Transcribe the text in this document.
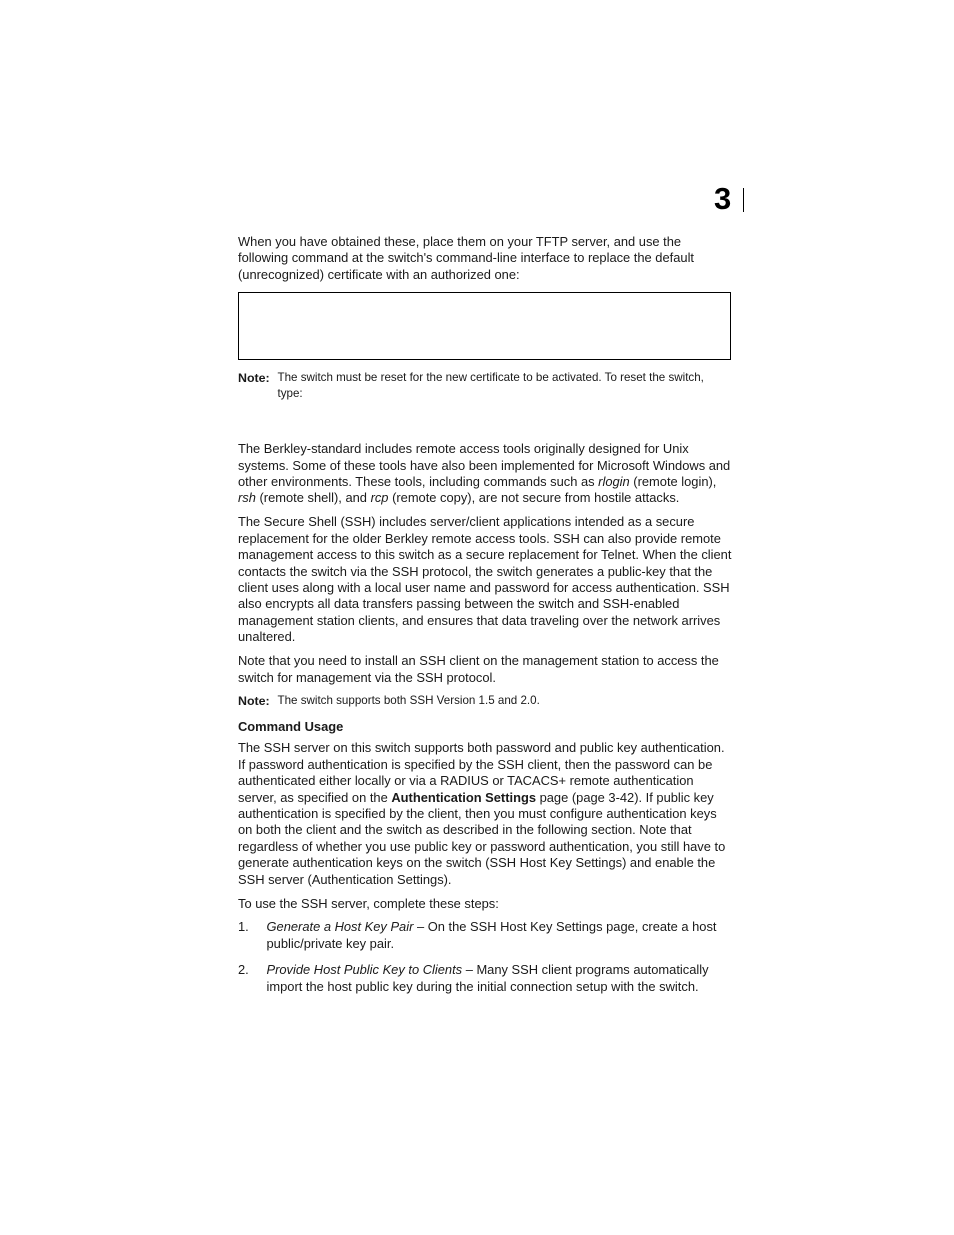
3

When you have obtained these, place them on your TFTP server, and use the following command at the switch's command-line interface to replace the default (unrecognized) certificate with an authorized one:

Note: The switch must be reset for the new certificate to be activated. To reset the switch, type:

The Berkley-standard includes remote access tools originally designed for Unix systems. Some of these tools have also been implemented for Microsoft Windows and other environments. These tools, including commands such as rlogin (remote login), rsh (remote shell), and rcp (remote copy), are not secure from hostile attacks.

The Secure Shell (SSH) includes server/client applications intended as a secure replacement for the older Berkley remote access tools. SSH can also provide remote management access to this switch as a secure replacement for Telnet. When the client contacts the switch via the SSH protocol, the switch generates a public-key that the client uses along with a local user name and password for access authentication. SSH also encrypts all data transfers passing between the switch and SSH-enabled management station clients, and ensures that data traveling over the network arrives unaltered.

Note that you need to install an SSH client on the management station to access the switch for management via the SSH protocol.

Note: The switch supports both SSH Version 1.5 and 2.0.
Command Usage

The SSH server on this switch supports both password and public key authentication. If password authentication is specified by the SSH client, then the password can be authenticated either locally or via a RADIUS or TACACS+ remote authentication server, as specified on the Authentication Settings page (page 3-42). If public key authentication is specified by the client, then you must configure authentication keys on both the client and the switch as described in the following section. Note that regardless of whether you use public key or password authentication, you still have to generate authentication keys on the switch (SSH Host Key Settings) and enable the SSH server (Authentication Settings).

To use the SSH server, complete these steps:

1. Generate a Host Key Pair – On the SSH Host Key Settings page, create a host public/private key pair.
2. Provide Host Public Key to Clients – Many SSH client programs automatically import the host public key during the initial connection setup with the switch.
